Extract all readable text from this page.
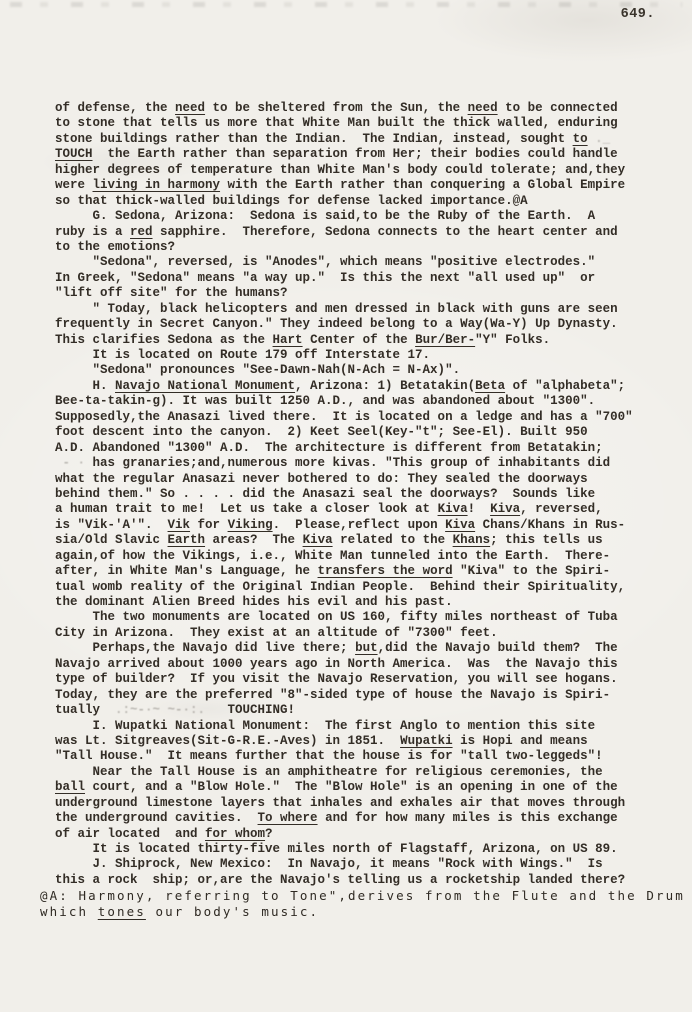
649.
of defense, the need to be sheltered from the Sun, the need to be connected
to stone that tells us more that White Man built the thick walled, enduring
stone buildings rather than the Indian.  The Indian, instead, sought to ._
TOUCH  the Earth rather than separation from Her; their bodies could handle
higher degrees of temperature than White Man's body could tolerate; and,they
were living in harmony with the Earth rather than conquering a Global Empire
so that thick-walled buildings for defense lacked importance.@A
G. Sedona, Arizona:  Sedona is said,to be the Ruby of the Earth.  A
ruby is a red sapphire.  Therefore, Sedona connects to the heart center and
to the emotions?
"Sedona", reversed, is "Anodes", which means "positive electrodes."
In Greek, "Sedona" means "a way up."  Is this the next "all used up"  or
"lift off site" for the humans?
" Today, black helicopters and men dressed in black with guns are seen
frequently in Secret Canyon." They indeed belong to a Way(Wa-Y) Up Dynasty.
This clarifies Sedona as the Hart Center of the Bur/Ber-"Y" Folks.
It is located on Route 179 off Interstate 17.
"Sedona" pronounces "See-Dawn-Nah(N-Ach = N-Ax)".
H. Navajo National Monument, Arizona: 1) Betatakin(Beta of "alphabeta";
Bee-ta-takin-g). It was built 1250 A.D., and was abandoned about "1300".
Supposedly,the Anasazi lived there.  It is located on a ledge and has a "700"
foot descent into the canyon.  2) Keet Seel(Key-"t"; See-El). Built 950
A.D. Abandoned "1300" A.D.  The architecture is different from Betatakin;
- · has granaries;and,numerous more kivas. "This group of inhabitants did
what the regular Anasazi never bothered to do: They sealed the doorways
behind them." So . . . . did the Anasazi seal the doorways?  Sounds like
a human trait to me!  Let us take a closer look at Kiva!  Kiva, reversed,
is "Vik-'A'".  Vik for Viking.  Please,reflect upon Kiva Chans/Khans in Rus-
sia/Old Slavic Earth areas?  The Kiva related to the Khans; this tells us
again,of how the Vikings, i.e., White Man tunneled into the Earth.  There-
after, in White Man's Language, he transfers the word "Kiva" to the Spiri-
tual womb reality of the Original Indian People.  Behind their Spirituality,
the dominant Alien Breed hides his evil and his past.
The two monuments are located on US 160, fifty miles northeast of Tuba
City in Arizona.  They exist at an altitude of "7300" feet.
Perhaps,the Navajo did live there; but,did the Navajo build them?  The
Navajo arrived about 1000 years ago in North America.  Was  the Navajo this
type of builder?  If you visit the Navajo Reservation, you will see hogans.
Today, they are the preferred "8"-sided type of house the Navajo is Spiri-
tually  .:~-·~ ~-·:.   TOUCHING!
I. Wupatki National Monument:  The first Anglo to mention this site
was Lt. Sitgreaves(Sit-G-R.E.-Aves) in 1851.  Wupatki is Hopi and means
"Tall House."  It means further that the house is for "tall two-leggeds"!
Near the Tall House is an amphitheatre for religious ceremonies, the
ball court, and a "Blow Hole."  The "Blow Hole" is an opening in one of the
underground limestone layers that inhales and exhales air that moves through
the underground cavities.  To where and for how many miles is this exchange
of air located  and for whom?
It is located thirty-five miles north of Flagstaff, Arizona, on US 89.
J. Shiprock, New Mexico:  In Navajo, it means "Rock with Wings."  Is
this a rock  ship; or,are the Navajo's telling us a rocketship landed there?
@A: Harmony, referring to Tone",derives from the Flute and the Drum
which tones our body's music.
